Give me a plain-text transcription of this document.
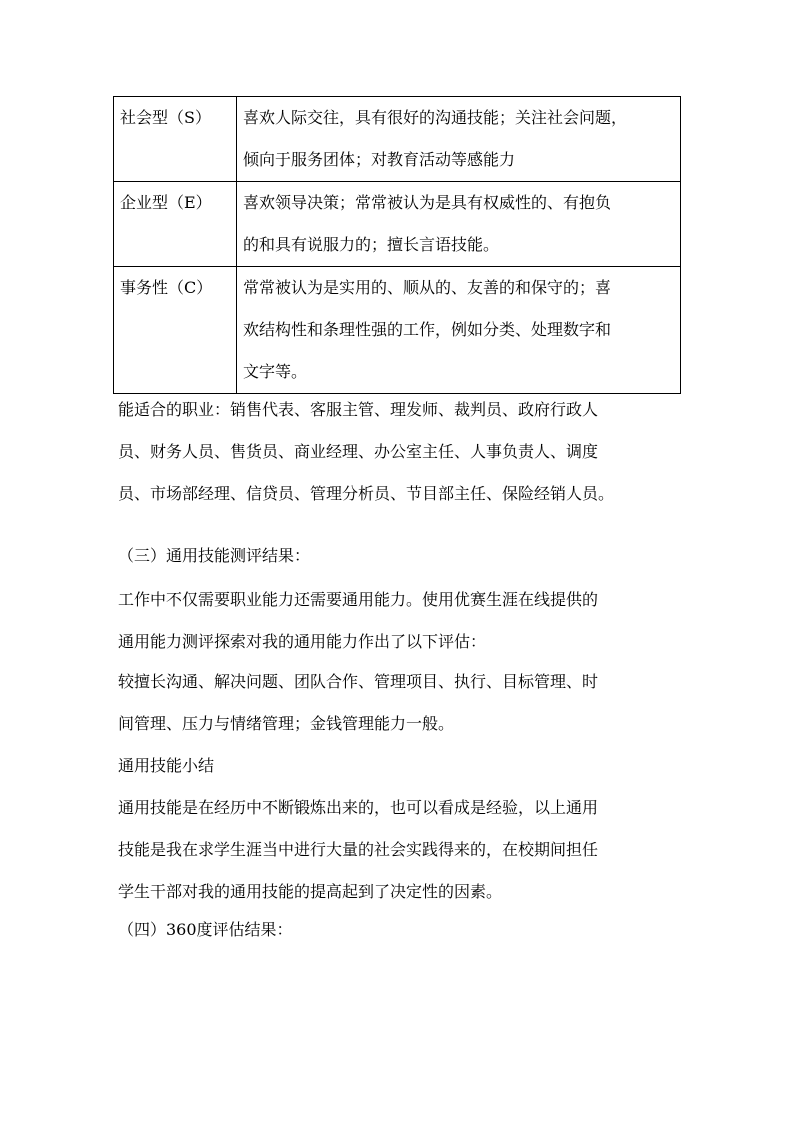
社会型（S）	喜欢人际交往，具有很好的沟通技能；关注社会问题，
倾向于服务团体；对教育活动等感能力

企业型（E）	喜欢领导决策；常常被认为是具有权威性的、有抱负
的和具有说服力的；擅长言语技能。

事务性（C）	常常被认为是实用的、顺从的、友善的和保守的；喜
欢结构性和条理性强的工作，例如分类、处理数字和
文字等。
能适合的职业：销售代表、客服主管、理发师、裁判员、政府行政人
员、财务人员、售货员、商业经理、办公室主任、人事负责人、调度
员、市场部经理、信贷员、管理分析员、节目部主任、保险经销人员。
（三）通用技能测评结果：
工作中不仅需要职业能力还需要通用能力。使用优赛生涯在线提供的
通用能力测评探索对我的通用能力作出了以下评估：
较擅长沟通、解决问题、团队合作、管理项目、执行、目标管理、时
间管理、压力与情绪管理；金钱管理能力一般。
通用技能小结
通用技能是在经历中不断锻炼出来的，也可以看成是经验，以上通用
技能是我在求学生涯当中进行大量的社会实践得来的，在校期间担任
学生干部对我的通用技能的提高起到了决定性的因素。
（四）360度评估结果：
